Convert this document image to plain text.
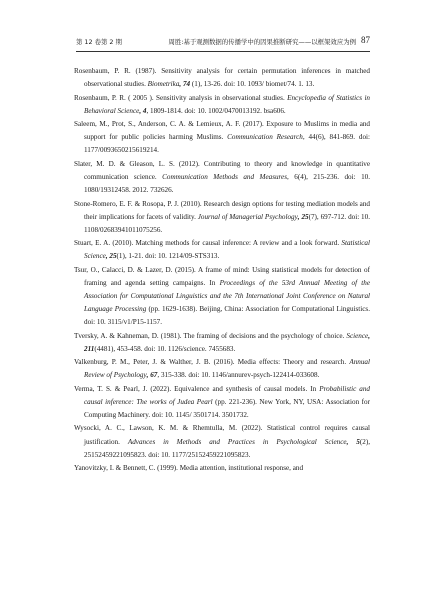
第 12 卷第 2 期	周胜:基于观测数据的传播学中的因果推断研究——以框架效应为例 87

Rosenbaum, P. R. (1987). Sensitivity analysis for certain permutation inferences in matched observational studies. Biometrika, 74 (1), 13-26. doi: 10. 1093/ biomet/74. 1. 13.

Rosenbaum, P. R. ( 2005 ). Sensitivity analysis in observational studies. Encyclopedia of Statistics in Behavioral Science, 4, 1809-1814. doi: 10. 1002/0470013192. bsa606.

Saleem, M., Prot, S., Anderson, C. A. & Lemieux, A. F. (2017). Exposure to Muslims in media and support for public policies harming Muslims. Communication Research, 44(6), 841-869. doi: 1177/0093650215619214.

Slater, M. D. & Gleason, L. S. (2012). Contributing to theory and knowledge in quantitative communication science. Communication Methods and Measures, 6(4), 215-236. doi: 10. 1080/19312458. 2012. 732626.

Stone-Romero, E. F. & Rosopa, P. J. (2010). Research design options for testing mediation models and their implications for facets of validity. Journal of Managerial Psychology, 25(7), 697-712. doi: 10. 1108/02683941011075256.

Stuart, E. A. (2010). Matching methods for causal inference: A review and a look forward. Statistical Science, 25(1), 1-21. doi: 10. 1214/09-STS313.

Tsur, O., Calacci, D. & Lazer, D. (2015). A frame of mind: Using statistical models for detection of framing and agenda setting campaigns. In Proceedings of the 53rd Annual Meeting of the Association for Computational Linguistics and the 7th International Joint Conference on Natural Language Processing (pp. 1629-1638). Beijing, China: Association for Computational Linguistics. doi: 10. 3115/v1/P15-1157.

Tversky, A. & Kahneman, D. (1981). The framing of decisions and the psychology of choice. Science, 211(4481), 453-458. doi: 10. 1126/science. 7455683.

Valkenburg, P. M., Peter, J. & Walther, J. B. (2016). Media effects: Theory and research. Annual Review of Psychology, 67, 315-338. doi: 10. 1146/annurev-psych-122414-033608.

Verma, T. S. & Pearl, J. (2022). Equivalence and synthesis of causal models. In Probabilistic and causal inference: The works of Judea Pearl (pp. 221-236). New York, NY, USA: Association for Computing Machinery. doi: 10. 1145/ 3501714. 3501732.

Wysocki, A. C., Lawson, K. M. & Rhemtulla, M. (2022). Statistical control requires causal justification. Advances in Methods and Practices in Psychological Science, 5(2), 25152459221095823. doi: 10. 1177/25152459221095823.

Yanovitzky, I. & Bennett, C. (1999). Media attention, institutional response, and
